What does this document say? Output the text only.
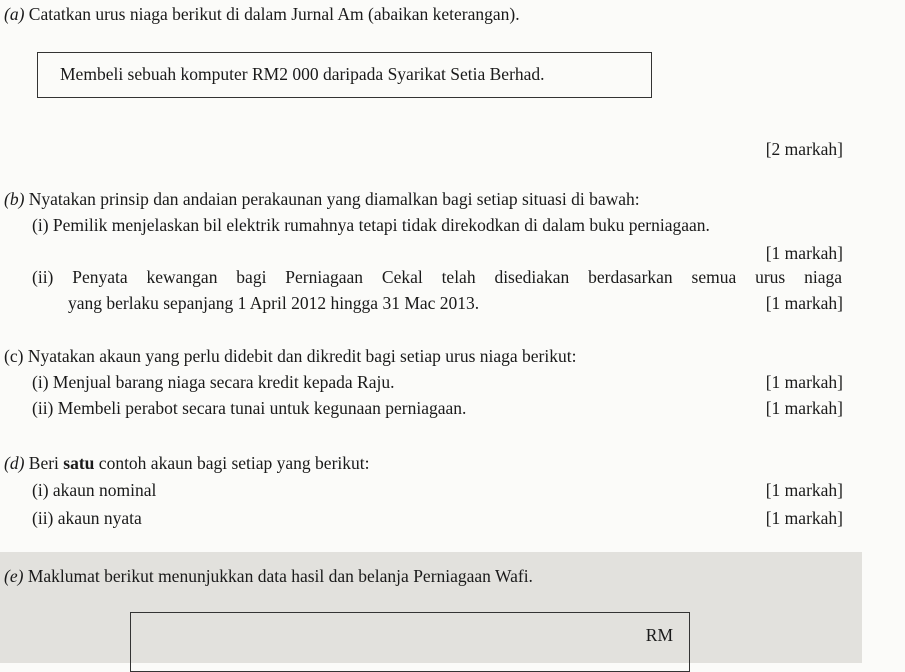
(a) Catatkan urus niaga berikut di dalam Jurnal Am (abaikan keterangan).
Membeli sebuah komputer RM2 000 daripada Syarikat Setia Berhad.
[2 markah]
(b) Nyatakan prinsip dan andaian perakaunan yang diamalkan bagi setiap situasi di bawah:
(i) Pemilik menjelaskan bil elektrik rumahnya tetapi tidak direkodkan di dalam buku perniagaan.
[1 markah]
(ii) Penyata kewangan bagi Perniagaan Cekal telah disediakan berdasarkan semua urus niaga
yang berlaku sepanjang 1 April 2012 hingga 31 Mac 2013.	[1 markah]
(c) Nyatakan akaun yang perlu didebit dan dikredit bagi setiap urus niaga berikut:
(i) Menjual barang niaga secara kredit kepada Raju.	[1 markah]
(ii) Membeli perabot secara tunai untuk kegunaan perniagaan.	[1 markah]
(d) Beri satu contoh akaun bagi setiap yang berikut:
(i) akaun nominal	[1 markah]
(ii) akaun nyata	[1 markah]
(e) Maklumat berikut menunjukkan data hasil dan belanja Perniagaan Wafi.
RM
